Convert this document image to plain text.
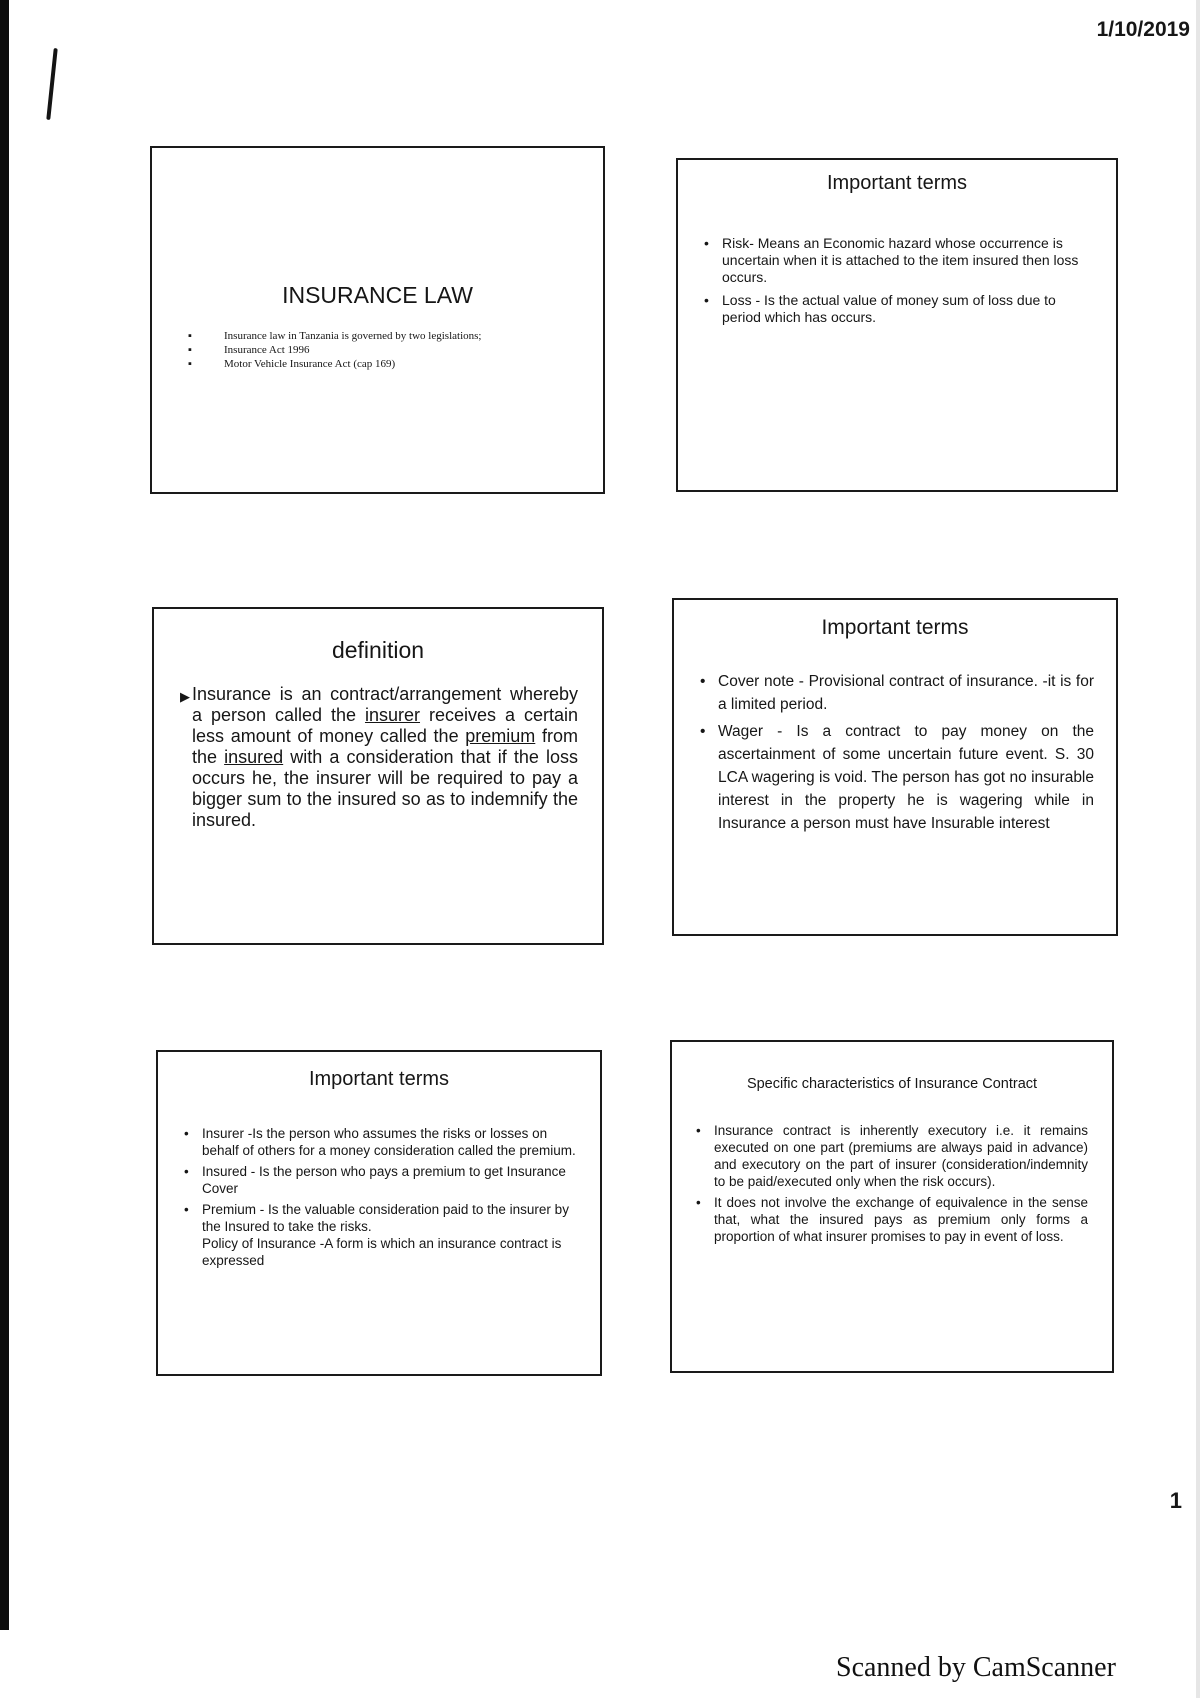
1/10/2019
INSURANCE LAW
▪	Insurance law in Tanzania is governed by two legislations;
▪	Insurance Act 1996
▪	Motor Vehicle Insurance Act (cap 169)
Important terms
• Risk- Means an Economic hazard whose occurrence is uncertain when it is attached to the item insured then loss occurs.
• Loss - Is the actual value of money sum of loss due to period which has occurs.
definition
▶ Insurance is an contract/arrangement whereby a person called the insurer receives a certain less amount of money called the premium from the insured with a consideration that if the loss occurs he, the insurer will be required to pay a bigger sum to the insured so as to indemnify the insured.
Important terms
• Cover note - Provisional contract of insurance. -it is for a limited period.
• Wager - Is a contract to pay money on the ascertainment of some uncertain future event. S. 30 LCA wagering is void. The person has got no insurable interest in the property he is wagering while in Insurance a person must have Insurable interest
Important terms
• Insurer -Is the person who assumes the risks or losses on behalf of others for a money consideration called the premium.
• Insured - Is the person who pays a premium to get Insurance Cover
• Premium - Is the valuable consideration paid to the insurer by the Insured to take the risks.
Policy of Insurance -A form is which an insurance contract is expressed
Specific characteristics of Insurance Contract
• Insurance contract is inherently executory i.e. it remains executed on one part (premiums are always paid in advance) and executory on the part of insurer (consideration/indemnity to be paid/executed only when the risk occurs).
• It does not involve the exchange of equivalence in the sense that, what the insured pays as premium only forms a proportion of what insurer promises to pay in event of loss.
1
Scanned by CamScanner
